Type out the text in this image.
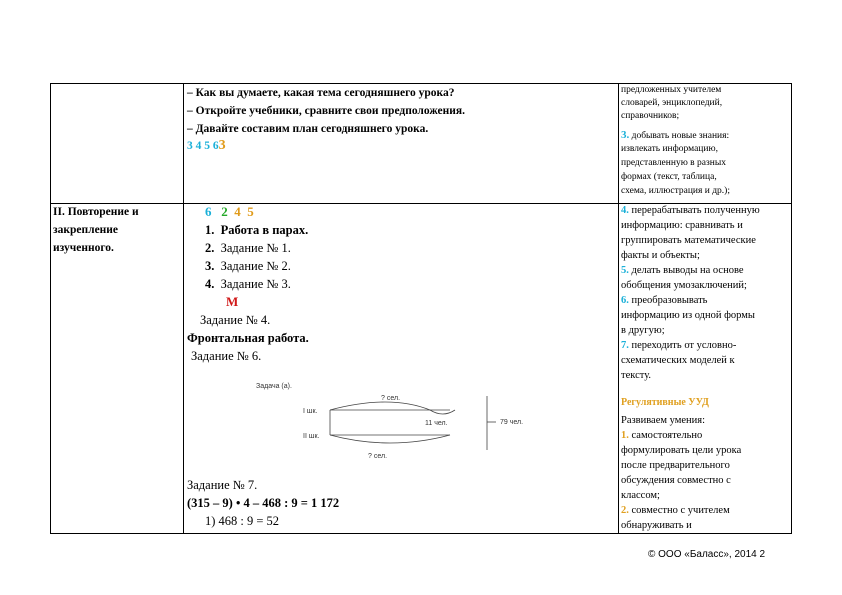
– Как вы думаете, какая тема сегодняшнего урока?
– Откройте учебники, сравните свои предположения.
– Давайте составим план сегодняшнего урока.
3 4 5 63
предложенных учителем
словарей, энциклопедий,
справочников;
3. добывать новые знания:
извлекать информацию,
представленную в разных
формах (текст, таблица,
схема, иллюстрация и др.);
II. Повторение и
закрепление
изученного.
6 2 4 5
1. Работа в парах.
2. Задание № 1.
3. Задание № 2.
4. Задание № 3.
М
Задание № 4.
Фронтальная работа.
Задание № 6.
Задача (а).
I шк.
II шк.
? сел.
11 чел.	79 чел.
? сел.
Задание № 7.
(315 – 9) • 4 – 468 : 9 = 1 172
1) 468 : 9 = 52
4. перерабатывать полученную
информацию: сравнивать и
группировать математические
факты и объекты;
5. делать выводы на основе
обобщения умозаключений;
6. преобразовывать
информацию из одной формы
в другую;
7. переходить от условно-
схематических моделей к
тексту.
Регулятивные УУД
Развиваем умения:
1. самостоятельно
формулировать цели урока
после предварительного
обсуждения совместно с
классом;
2. совместно с учителем
обнаруживать и
© ООО «Баласс», 2014 2
